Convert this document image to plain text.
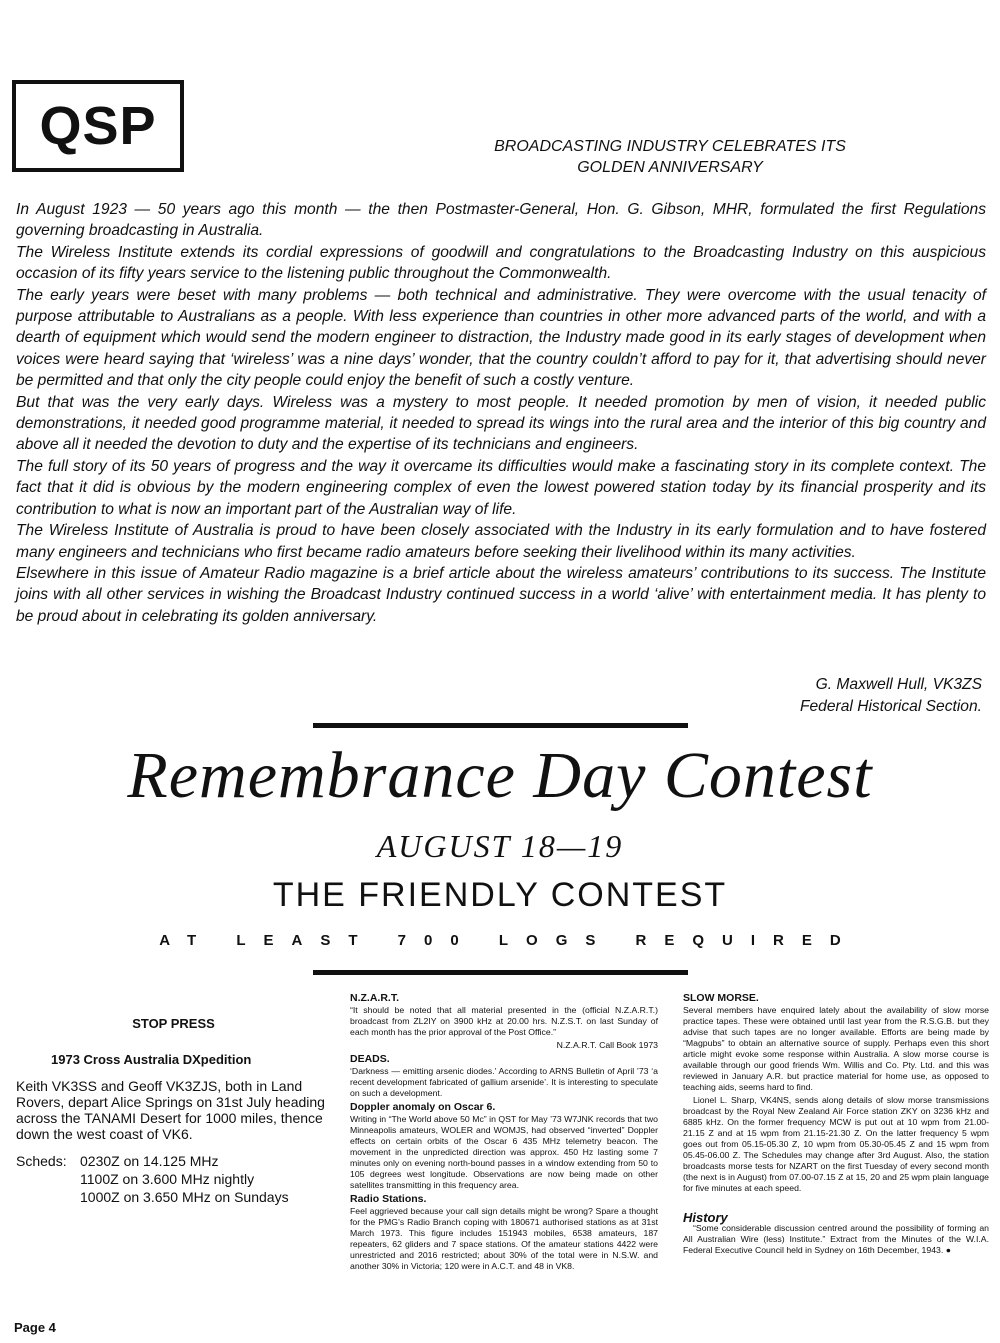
QSP	BROADCASTING INDUSTRY CELEBRATES ITS
GOLDEN ANNIVERSARY

In August 1923 — 50 years ago this month — the then Postmaster-General, Hon. G. Gibson, MHR, formulated the first Regulations governing broadcasting in Australia.

The Wireless Institute extends its cordial expressions of goodwill and congratulations to the Broadcasting Industry on this auspicious occasion of its fifty years service to the listening public throughout the Commonwealth.

The early years were beset with many problems — both technical and administrative. They were overcome with the usual tenacity of purpose attributable to Australians as a people. With less experience than countries in other more advanced parts of the world, and with a dearth of equipment which would send the modern engineer to distraction, the Industry made good in its early stages of development when voices were heard saying that ‘wireless’ was a nine days’ wonder, that the country couldn’t afford to pay for it, that advertising should never be permitted and that only the city people could enjoy the benefit of such a costly venture.

But that was the very early days. Wireless was a mystery to most people. It needed promotion by men of vision, it needed public demonstrations, it needed good programme material, it needed to spread its wings into the rural area and the interior of this big country and above all it needed the devotion to duty and the expertise of its technicians and engineers.

The full story of its 50 years of progress and the way it overcame its difficulties would make a fascinating story in its complete context. The fact that it did is obvious by the modern engineering complex of even the lowest powered station today by its financial prosperity and its contribution to what is now an important part of the Australian way of life.

The Wireless Institute of Australia is proud to have been closely associated with the Industry in its early formulation and to have fostered many engineers and technicians who first became radio amateurs before seeking their livelihood within its many activities.

Elsewhere in this issue of Amateur Radio magazine is a brief article about the wireless amateurs’ contributions to its success. The Institute joins with all other services in wishing the Broadcast Industry continued success in a world ‘alive’ with entertainment media. It has plenty to be proud about in celebrating its golden anniversary.

G. Maxwell Hull, VK3ZS
Federal Historical Section.
Remembrance Day Contest
AUGUST 18—19
THE FRIENDLY CONTEST
AT LEAST 700 LOGS REQUIRED
STOP PRESS
1973 Cross Australia DXpedition
Keith VK3SS and Geoff VK3ZJS, both in Land Rovers, depart Alice Springs on 31st July heading across the TANAMI Desert for 1000 miles, thence down the west coast of VK6.
Scheds: 0230Z on 14.125 MHz
1100Z on 3.600 MHz nightly
1000Z on 3.650 MHz on Sundays
N.Z.A.R.T.

“It should be noted that all material presented in the (official N.Z.A.R.T.) broadcast from ZL2IY on 3900 kHz at 20.00 hrs. N.Z.S.T. on last Sunday of each month has the prior approval of the Post Office.”

N.Z.A.R.T. Call Book 1973

DEADS.

‘Darkness — emitting arsenic diodes.’ According to ARNS Bulletin of April ’73 ‘a recent development fabricated of gallium arsenide’. It is interesting to speculate on such a development.

Doppler anomaly on Oscar 6.

Writing in “The World above 50 Mc” in QST for May ’73 W7JNK records that two Minneapolis amateurs, WOLER and WOMJS, had observed “inverted” Doppler effects on certain orbits of the Oscar 6 435 MHz telemetry beacon. The movement in the unpredicted direction was approx. 450 Hz lasting some 7 minutes only on evening north-bound passes in a window extending from 50 to 105 degrees west longitude. Observations are now being made on other satellites transmitting in this frequency area.

Radio Stations.

Feel aggrieved because your call sign details might be wrong? Spare a thought for the PMG’s Radio Branch coping with 180671 authorised stations as at 31st March 1973. This figure includes 151943 mobiles, 6538 amateurs, 187 repeaters, 62 gliders and 7 space stations. Of the amateur stations 4422 were unrestricted and 2016 restricted; about 30% of the total were in N.S.W. and another 30% in Victoria; 120 were in A.C.T. and 48 in VK8.

SLOW MORSE.

Several members have enquired lately about the availability of slow morse practice tapes. These were obtained until last year from the R.S.G.B. but they advise that such tapes are no longer available. Efforts are being made by “Magpubs” to obtain an alternative source of supply. Perhaps even this short article might evoke some response within Australia. A slow morse course is available through our good friends Wm. Willis and Co. Pty. Ltd. and this was reviewed in January A.R. but practice material for home use, as opposed to teaching aids, seems hard to find.

Lionel L. Sharp, VK4NS, sends along details of slow morse transmissions broadcast by the Royal New Zealand Air Force station ZKY on 3236 kHz and 6885 kHz. On the former frequency MCW is put out at 10 wpm from 21.00-21.15 Z and at 15 wpm from 21.15-21.30 Z. On the latter frequency 5 wpm goes out from 05.15-05.30 Z, 10 wpm from 05.30-05.45 Z and 15 wpm from 05.45-06.00 Z. The Schedules may change after 3rd August. Also, the station broadcasts morse tests for NZART on the first Tuesday of every second month (the next is in August) from 07.00-07.15 Z at 15, 20 and 25 wpm plain language for five minutes at each speed.

History

“Some considerable discussion centred around the possibility of forming an All Australian Wire (less) Institute.” Extract from the Minutes of the W.I.A. Federal Executive Council held in Sydney on 16th December, 1943. ●

Page 4
